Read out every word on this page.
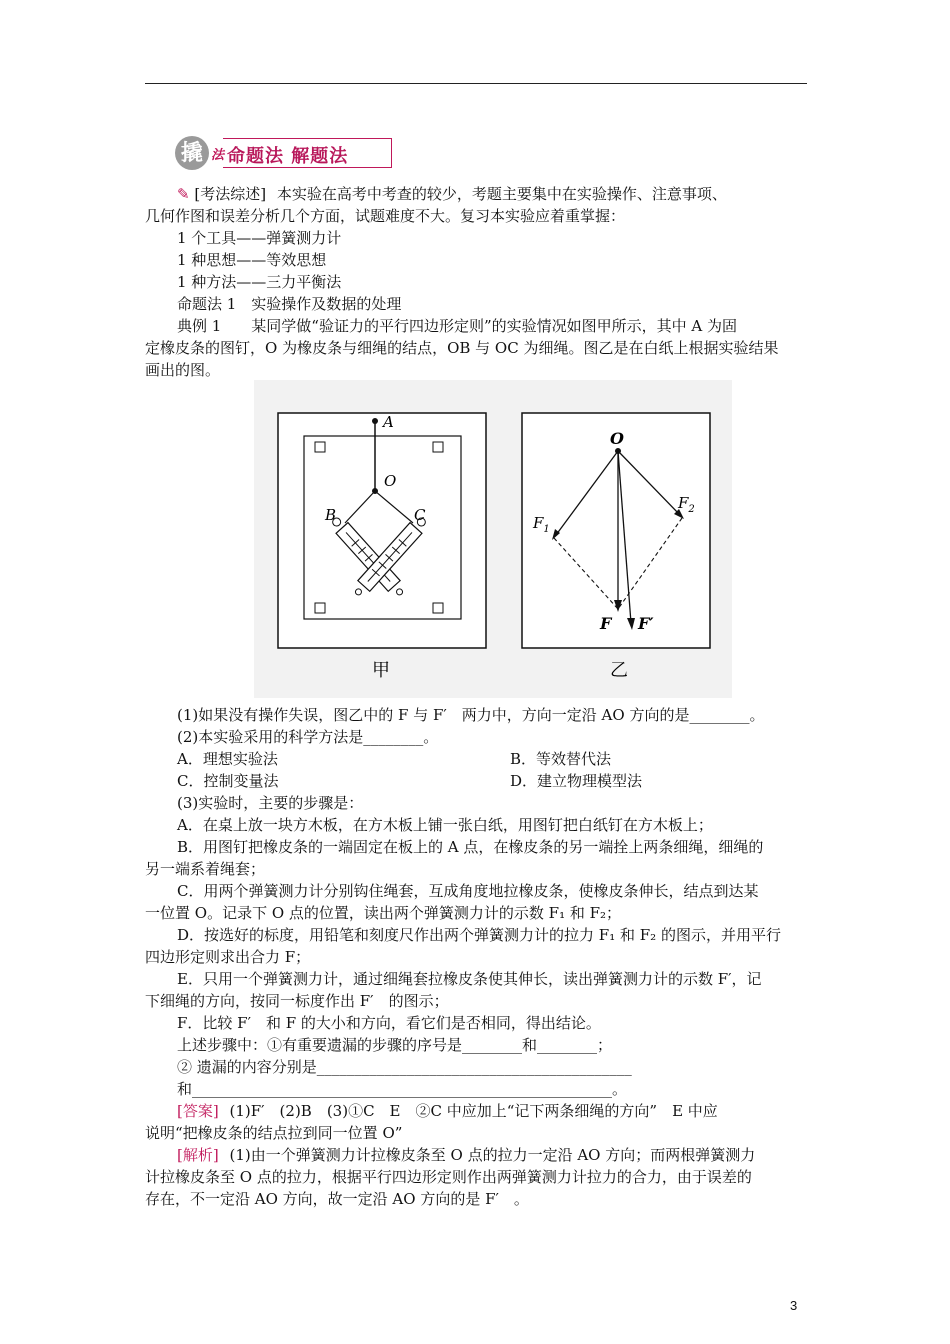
撬 法 命题法 解题法
✎ [考法综述] 本实验在高考中考查的较少，考题主要集中在实验操作、注意事项、
几何作图和误差分析几个方面，试题难度不大。复习本实验应着重掌握：
1 个工具——弹簧测力计
1 种思想——等效思想
1 种方法——三力平衡法
命题法 1　实验操作及数据的处理
典例 1　　某同学做“验证力的平行四边形定则”的实验情况如图甲所示，其中 A 为固
定橡皮条的图钉，O 为橡皮条与细绳的结点，OB 与 OC 为细绳。图乙是在白纸上根据实验结果
画出的图。
A
O
B	C
甲
O
$F_1$
$F_2$
F F′
乙
(1)如果没有操作失误，图乙中的 F 与 F′　两力中，方向一定沿 AO 方向的是________。
(2)本实验采用的科学方法是________。
A．理想实验法	B．等效替代法
C．控制变量法	D．建立物理模型法
(3)实验时，主要的步骤是：
A．在桌上放一块方木板，在方木板上铺一张白纸，用图钉把白纸钉在方木板上；
B．用图钉把橡皮条的一端固定在板上的 A 点，在橡皮条的另一端拴上两条细绳，细绳的
另一端系着绳套；
C．用两个弹簧测力计分别钩住绳套，互成角度地拉橡皮条，使橡皮条伸长，结点到达某
一位置 O。记录下 O 点的位置，读出两个弹簧测力计的示数 F₁ 和 F₂；
D．按选好的标度，用铅笔和刻度尺作出两个弹簧测力计的拉力 F₁ 和 F₂ 的图示，并用平行
四边形定则求出合力 F；
E．只用一个弹簧测力计，通过细绳套拉橡皮条使其伸长，读出弹簧测力计的示数 F′，记
下细绳的方向，按同一标度作出 F′　的图示；
F．比较 F′　和 F 的大小和方向，看它们是否相同，得出结论。
上述步骤中：①有重要遗漏的步骤的序号是________和________；
② 遗漏的内容分别是__________________________________________
和________________________________________________________。
[答案] (1)F′　(2)B　(3)①C　E　②C 中应加上“记下两条细绳的方向”　E 中应
说明“把橡皮条的结点拉到同一位置 O”
[解析] (1)由一个弹簧测力计拉橡皮条至 O 点的拉力一定沿 AO 方向；而两根弹簧测力
计拉橡皮条至 O 点的拉力，根据平行四边形定则作出两弹簧测力计拉力的合力，由于误差的
存在，不一定沿 AO 方向，故一定沿 AO 方向的是 F′　。
3
